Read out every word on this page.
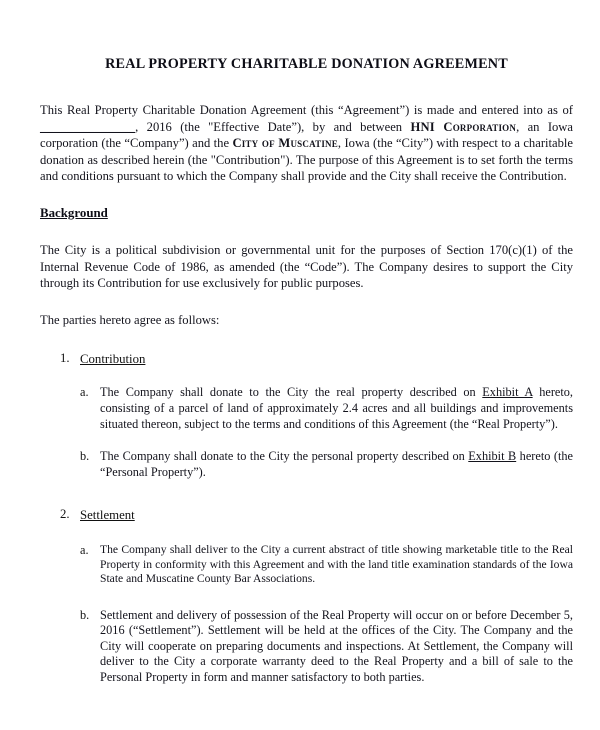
REAL PROPERTY CHARITABLE DONATION AGREEMENT

This Real Property Charitable Donation Agreement (this “Agreement”) is made and entered into as of ______________, 2016 (the "Effective Date”), by and between HNI Corporation, an Iowa corporation (the “Company”) and the City of Muscatine, Iowa (the “City”) with respect to a charitable donation as described herein (the "Contribution"). The purpose of this Agreement is to set forth the terms and conditions pursuant to which the Company shall provide and the City shall receive the Contribution.

Background

The City is a political subdivision or governmental unit for the purposes of Section 170(c)(1) of the Internal Revenue Code of 1986, as amended (the “Code”). The Company desires to support the City through its Contribution for use exclusively for public purposes.

The parties hereto agree as follows:

1. Contribution
a. The Company shall donate to the City the real property described on Exhibit A hereto, consisting of a parcel of land of approximately 2.4 acres and all buildings and improvements situated thereon, subject to the terms and conditions of this Agreement (the “Real Property”).

b. The Company shall donate to the City the personal property described on Exhibit B hereto (the “Personal Property”).

2. Settlement
a. The Company shall deliver to the City a current abstract of title showing marketable title to the Real Property in conformity with this Agreement and with the land title examination standards of the Iowa State and Muscatine County Bar Associations.

b. Settlement and delivery of possession of the Real Property will occur on or before December 5, 2016 (“Settlement”). Settlement will be held at the offices of the City. The Company and the City will cooperate on preparing documents and inspections. At Settlement, the Company will deliver to the City a corporate warranty deed to the Real Property and a bill of sale to the Personal Property in form and manner satisfactory to both parties.
